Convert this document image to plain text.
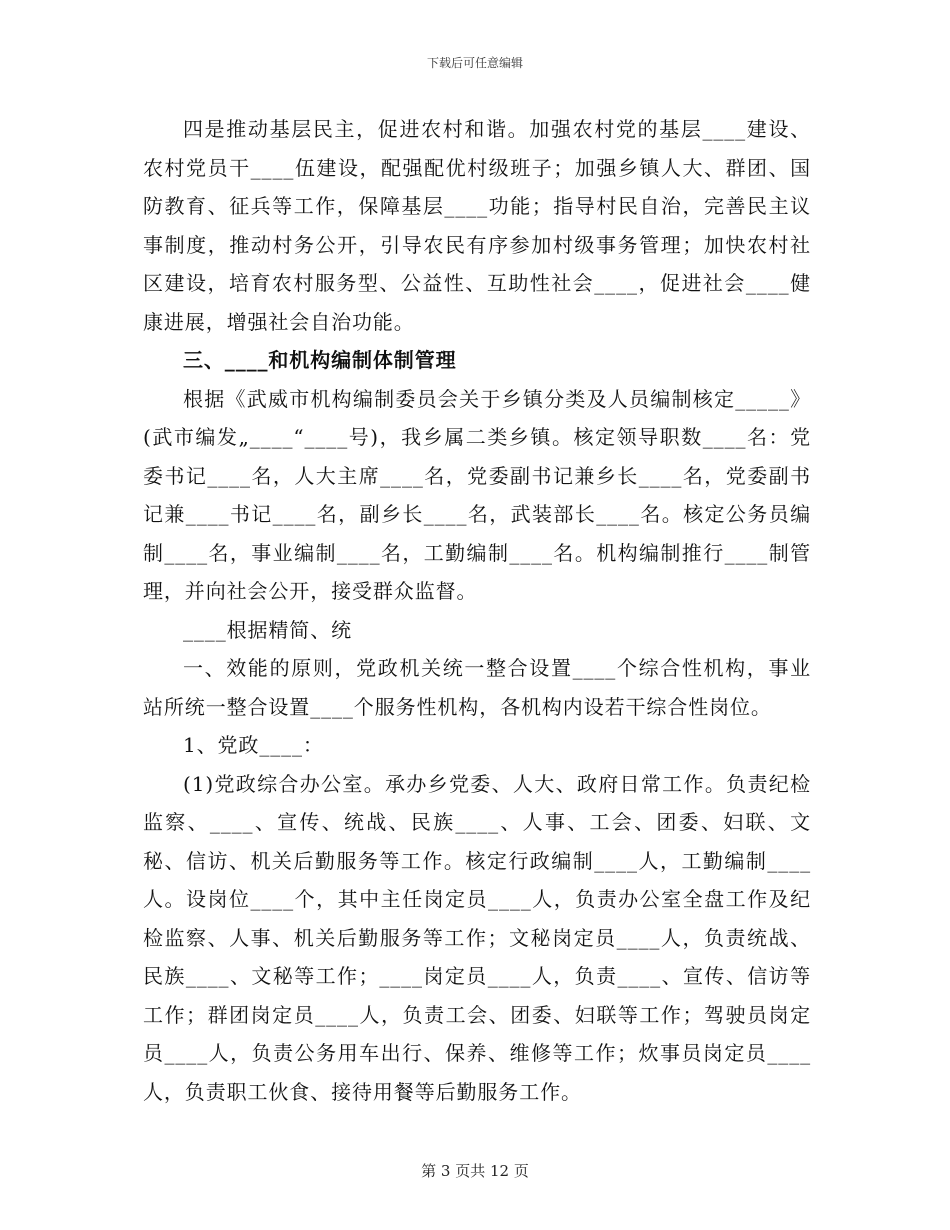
下载后可任意编辑

四是推动基层民主，促进农村和谐。加强农村党的基层____建设、农村党员干____伍建设，配强配优村级班子；加强乡镇人大、群团、国防教育、征兵等工作，保障基层____功能；指导村民自治，完善民主议事制度，推动村务公开，引导农民有序参加村级事务管理；加快农村社区建设，培育农村服务型、公益性、互助性社会____，促进社会____健康进展，增强社会自治功能。

三、____和机构编制体制管理

根据《武威市机构编制委员会关于乡镇分类及人员编制核定_____》(武市编发„____“____号)，我乡属二类乡镇。核定领导职数____名：党委书记____名，人大主席____名，党委副书记兼乡长____名，党委副书记兼____书记____名，副乡长____名，武装部长____名。核定公务员编制____名，事业编制____名，工勤编制____名。机构编制推行____制管理，并向社会公开，接受群众监督。

____根据精简、统

一、效能的原则，党政机关统一整合设置____个综合性机构，事业站所统一整合设置____个服务性机构，各机构内设若干综合性岗位。

1、党政____：

(1)党政综合办公室。承办乡党委、人大、政府日常工作。负责纪检监察、____、宣传、统战、民族____、人事、工会、团委、妇联、文秘、信访、机关后勤服务等工作。核定行政编制____人，工勤编制____人。设岗位____个，其中主任岗定员____人，负责办公室全盘工作及纪检监察、人事、机关后勤服务等工作；文秘岗定员____人，负责统战、民族____、文秘等工作；____岗定员____人，负责____、宣传、信访等工作；群团岗定员____人，负责工会、团委、妇联等工作；驾驶员岗定员____人，负责公务用车出行、保养、维修等工作；炊事员岗定员____人，负责职工伙食、接待用餐等后勤服务工作。

第 3 页共 12 页
